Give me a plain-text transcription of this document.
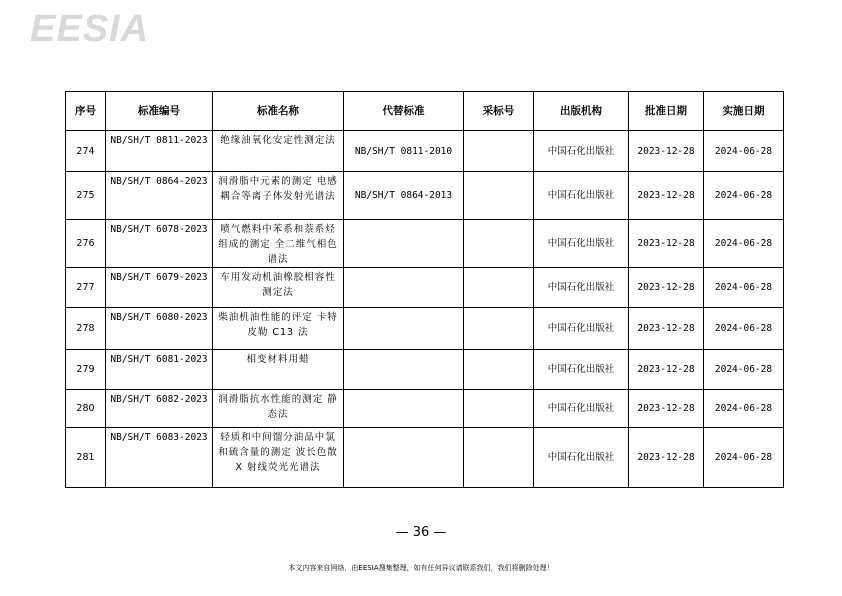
EESIA
序号	标准编号	标准名称	代替标准	采标号	出版机构	批准日期	实施日期
274	NB/SH/T 0811-2023	绝缘油氧化安定性测定法	NB/SH/T 0811-2010		中国石化出版社	2023-12-28	2024-06-28
275	NB/SH/T 0864-2023	润滑脂中元素的测定 电感耦合等离子体发射光谱法	NB/SH/T 0864-2013		中国石化出版社	2023-12-28	2024-06-28
276	NB/SH/T 6078-2023	喷气燃料中苯系和萘系烃组成的测定 全二维气相色谱法			中国石化出版社	2023-12-28	2024-06-28
277	NB/SH/T 6079-2023	车用发动机油橡胶相容性测定法			中国石化出版社	2023-12-28	2024-06-28
278	NB/SH/T 6080-2023	柴油机油性能的评定 卡特皮勒 C13 法			中国石化出版社	2023-12-28	2024-06-28
279	NB/SH/T 6081-2023	相变材料用蜡			中国石化出版社	2023-12-28	2024-06-28
280	NB/SH/T 6082-2023	润滑脂抗水性能的测定 静态法			中国石化出版社	2023-12-28	2024-06-28
281	NB/SH/T 6083-2023	轻质和中间馏分油品中氯和硫含量的测定 波长色散 X 射线荧光光谱法			中国石化出版社	2023-12-28	2024-06-28
— 36 —
本文内容来自网络，由EESIA搜集整理，如有任何异议请联系我们，我们将删除处理！
